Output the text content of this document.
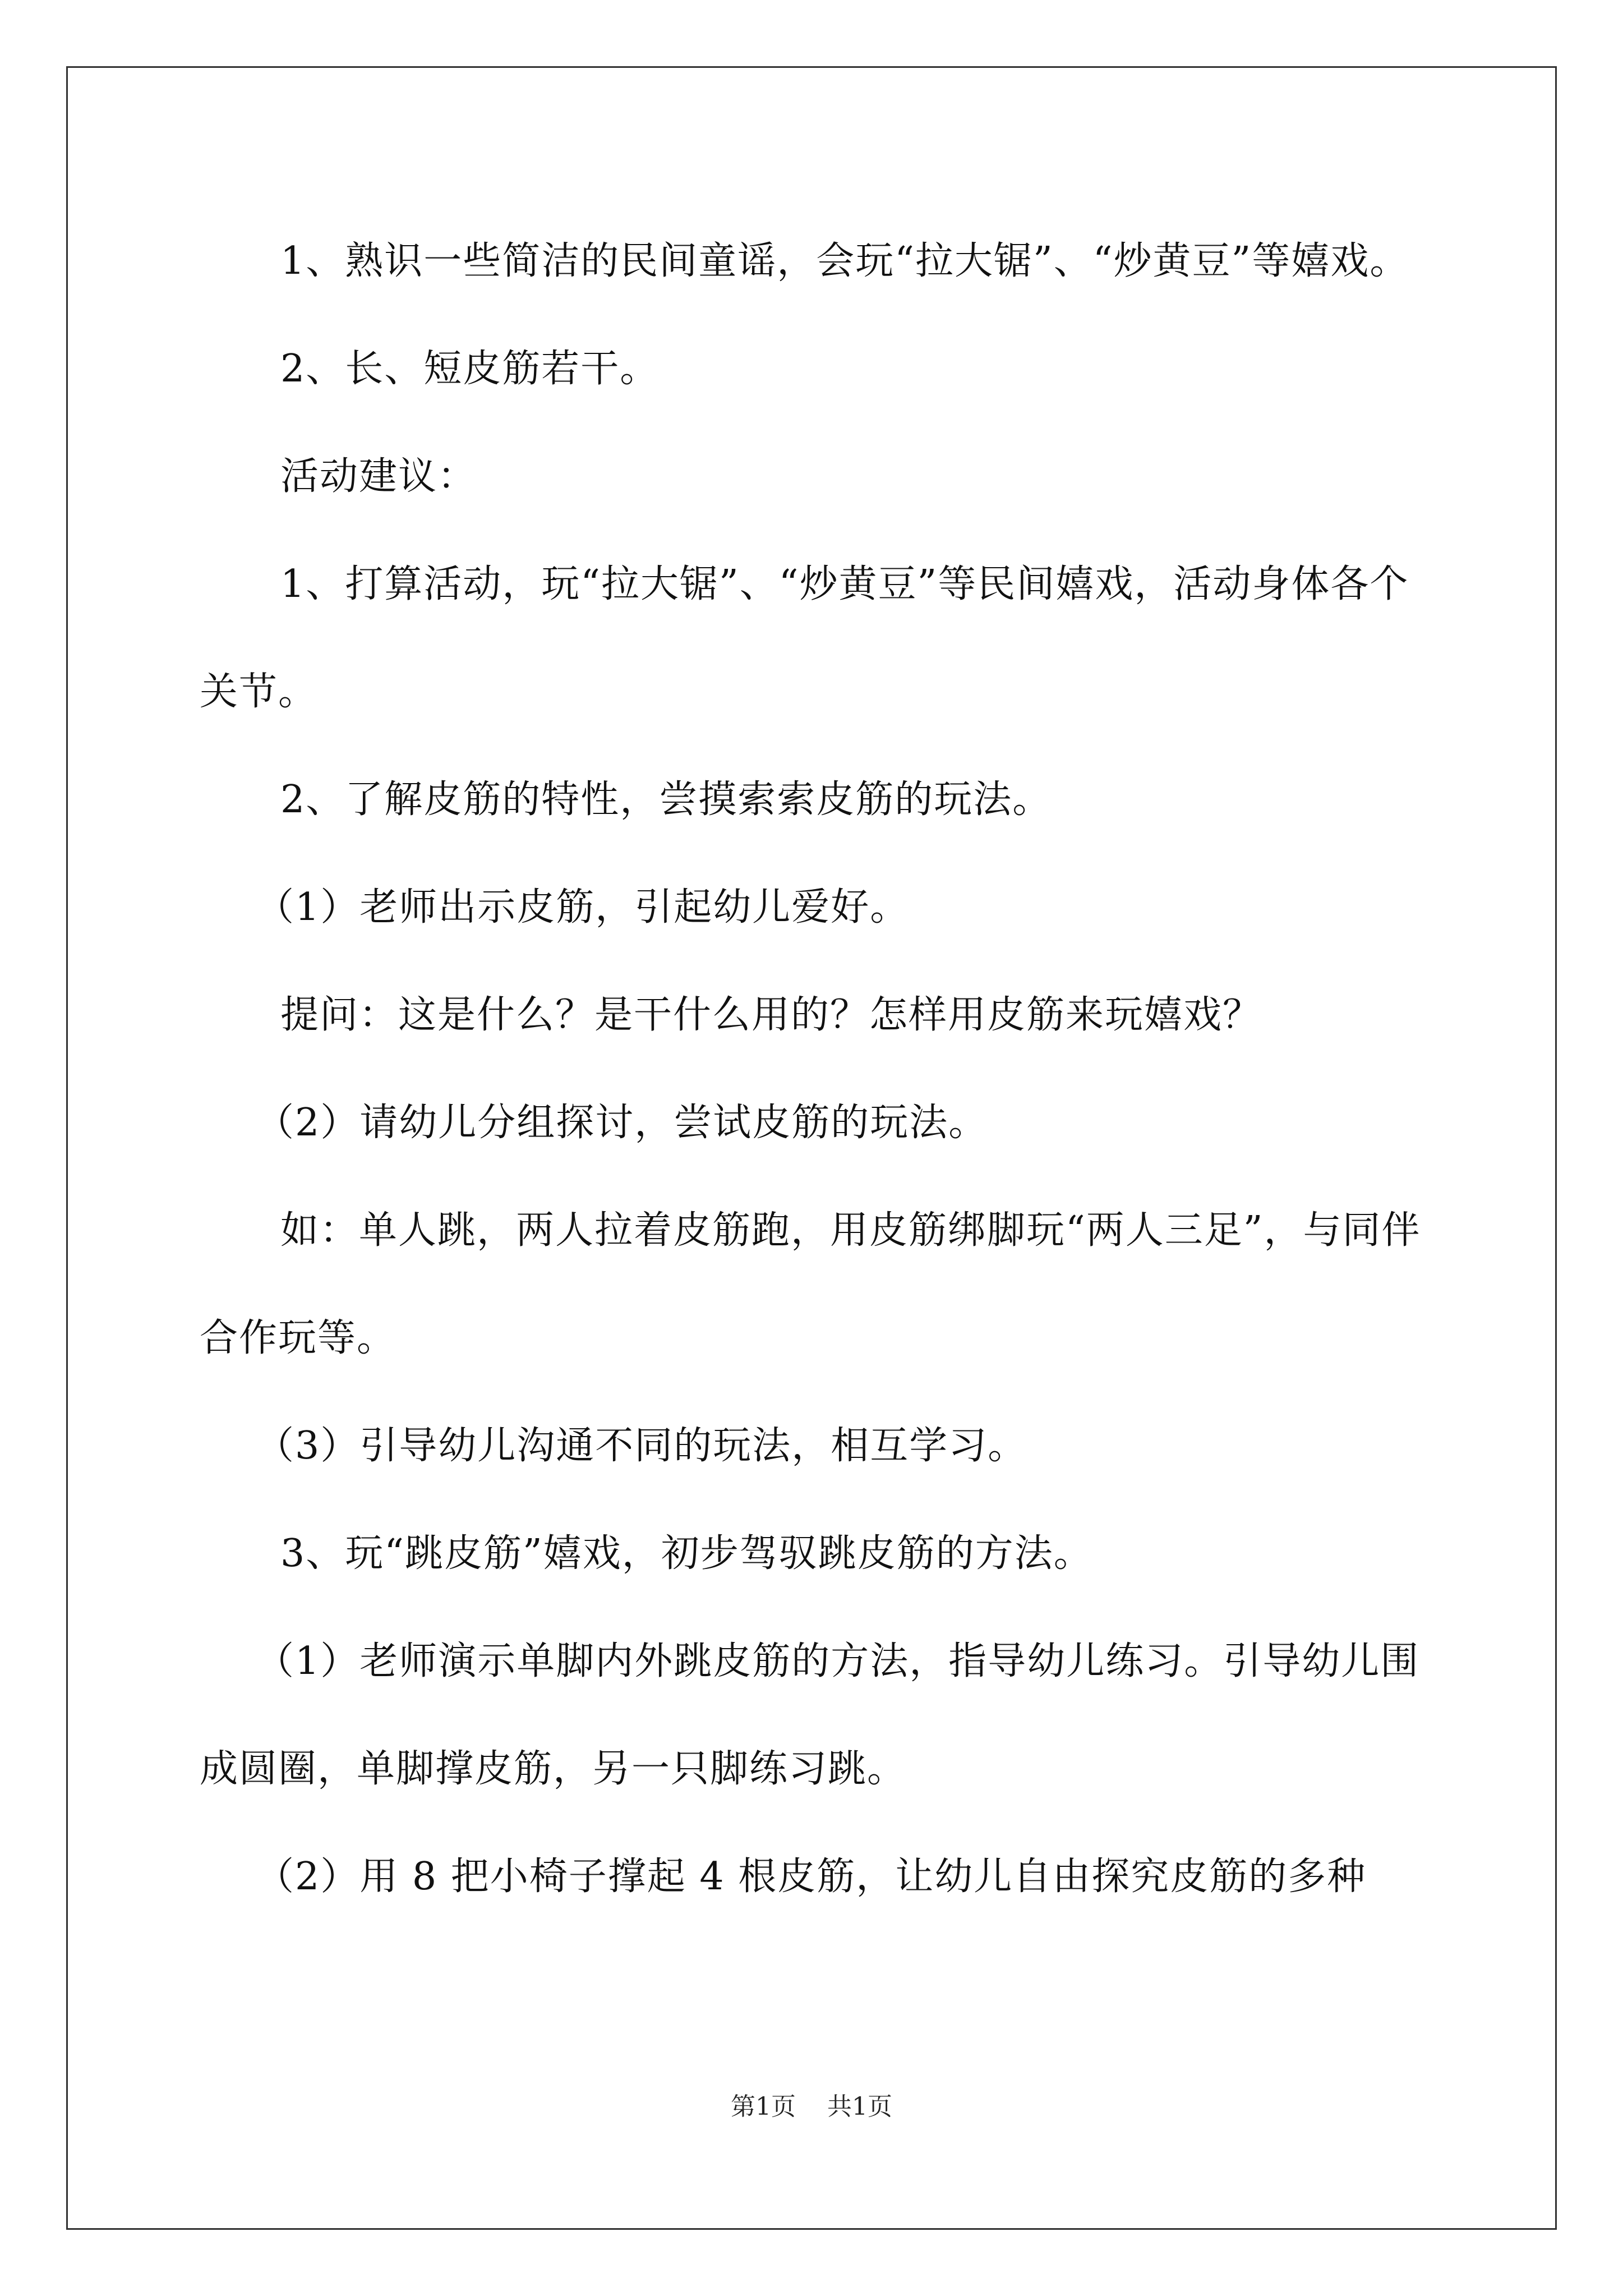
1、熟识一些简洁的民间童谣，会玩“拉大锯”、“炒黄豆”等嬉戏。

2、长、短皮筋若干。

活动建议：

1、打算活动，玩“拉大锯”、“炒黄豆”等民间嬉戏，活动身体各个关节。

2、了解皮筋的特性，尝摸索索皮筋的玩法。

（1）老师出示皮筋，引起幼儿爱好。

提问：这是什么？是干什么用的？怎样用皮筋来玩嬉戏？

（2）请幼儿分组探讨，尝试皮筋的玩法。

如：单人跳，两人拉着皮筋跑，用皮筋绑脚玩“两人三足”，与同伴合作玩等。

（3）引导幼儿沟通不同的玩法，相互学习。

3、玩“跳皮筋”嬉戏，初步驾驭跳皮筋的方法。

（1）老师演示单脚内外跳皮筋的方法，指导幼儿练习。引导幼儿围成圆圈，单脚撑皮筋，另一只脚练习跳。

（2）用 8 把小椅子撑起 4 根皮筋，让幼儿自由探究皮筋的多种

第1页 共1页
